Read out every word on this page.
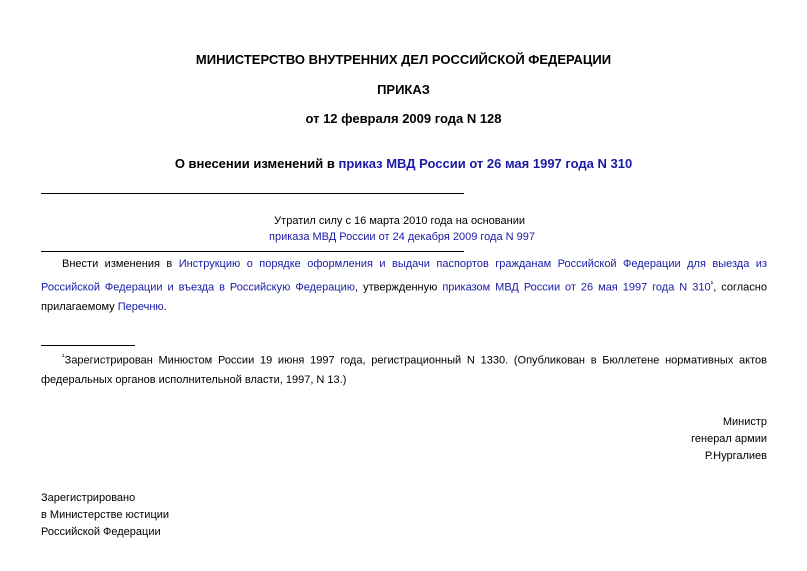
МИНИСТЕРСТВО ВНУТРЕННИХ ДЕЛ РОССИЙСКОЙ ФЕДЕРАЦИИ
ПРИКАЗ
от 12 февраля 2009 года N 128
О внесении изменений в приказ МВД России от 26 мая 1997 года N 310
Утратил силу с 16 марта 2010 года на основании
приказа МВД России от 24 декабря 2009 года N 997
Внести изменения в Инструкцию о порядке оформления и выдачи паспортов гражданам Российской Федерации для выезда из Российской Федерации и въезда в Российскую Федерацию, утвержденную приказом МВД России от 26 мая 1997 года N $310^{^1}$, согласно прилагаемому Перечню.
$^{^1}$Зарегистрирован Минюстом России 19 июня 1997 года, регистрационный N 1330. (Опубликован в Бюллетене нормативных актов федеральных органов исполнительной власти, 1997, N 13.)
Министр
генерал армии
Р.Нургалиев
Зарегистрировано
в Министерстве юстиции
Российской Федерации
